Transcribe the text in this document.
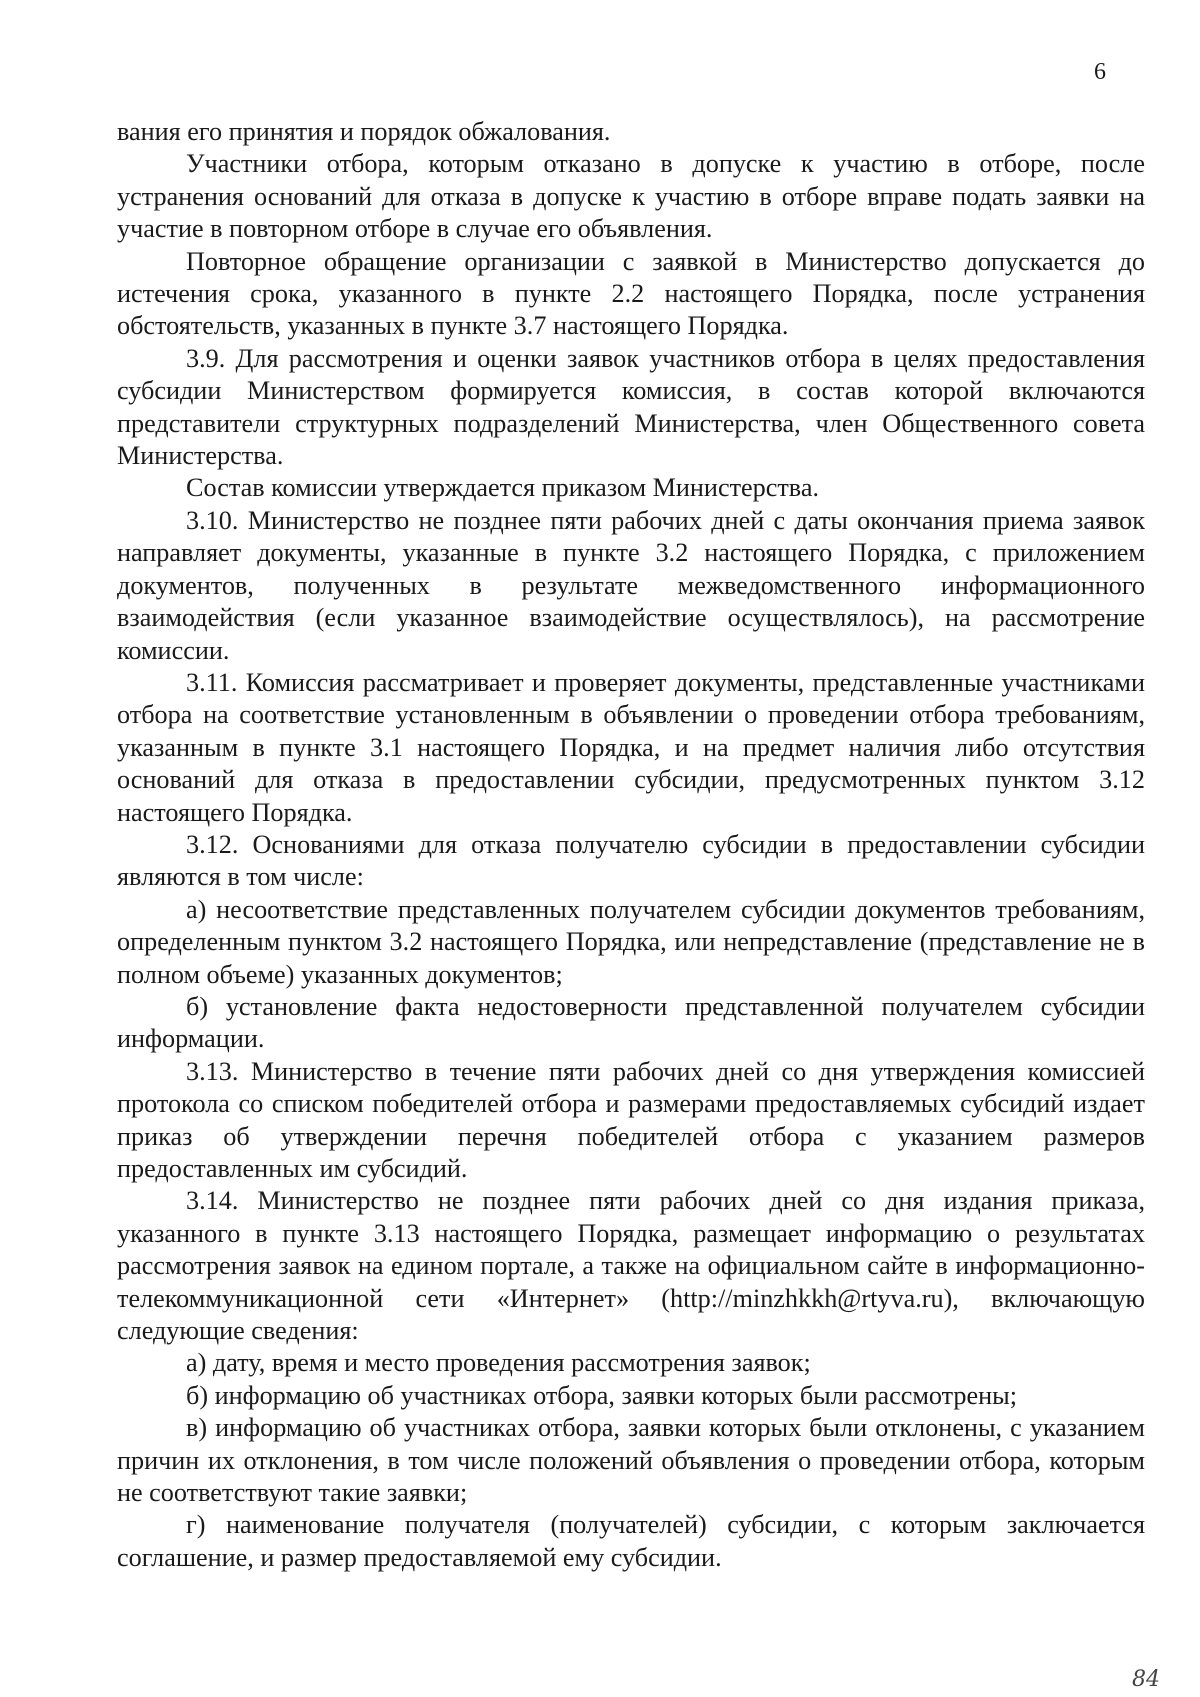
6

вания его принятия и порядок обжалования.

Участники отбора, которым отказано в допуске к участию в отборе, после устранения оснований для отказа в допуске к участию в отборе вправе подать заявки на участие в повторном отборе в случае его объявления.

Повторное обращение организации с заявкой в Министерство допускается до истечения срока, указанного в пункте 2.2 настоящего Порядка, после устранения обстоятельств, указанных в пункте 3.7 настоящего Порядка.

3.9. Для рассмотрения и оценки заявок участников отбора в целях предоставления субсидии Министерством формируется комиссия, в состав которой включаются представители структурных подразделений Министерства, член Общественного совета Министерства.

Состав комиссии утверждается приказом Министерства.

3.10. Министерство не позднее пяти рабочих дней с даты окончания приема заявок направляет документы, указанные в пункте 3.2 настоящего Порядка, с приложением документов, полученных в результате межведомственного информационного взаимодействия (если указанное взаимодействие осуществлялось), на рассмотрение комиссии.

3.11. Комиссия рассматривает и проверяет документы, представленные участниками отбора на соответствие установленным в объявлении о проведении отбора требованиям, указанным в пункте 3.1 настоящего Порядка, и на предмет наличия либо отсутствия оснований для отказа в предоставлении субсидии, предусмотренных пунктом 3.12 настоящего Порядка.

3.12. Основаниями для отказа получателю субсидии в предоставлении субсидии являются в том числе:

а) несоответствие представленных получателем субсидии документов требованиям, определенным пунктом 3.2 настоящего Порядка, или непредставление (представление не в полном объеме) указанных документов;

б) установление факта недостоверности представленной получателем субсидии информации.

3.13. Министерство в течение пяти рабочих дней со дня утверждения комиссией протокола со списком победителей отбора и размерами предоставляемых субсидий издает приказ об утверждении перечня победителей отбора с указанием размеров предоставленных им субсидий.

3.14. Министерство не позднее пяти рабочих дней со дня издания приказа, указанного в пункте 3.13 настоящего Порядка, размещает информацию о результатах рассмотрения заявок на едином портале, а также на официальном сайте в информационно-телекоммуникационной сети «Интернет» (http://minzhkkh@rtyva.ru), включающую следующие сведения:

а) дату, время и место проведения рассмотрения заявок;

б) информацию об участниках отбора, заявки которых были рассмотрены;

в) информацию об участниках отбора, заявки которых были отклонены, с указанием причин их отклонения, в том числе положений объявления о проведении отбора, которым не соответствуют такие заявки;

г) наименование получателя (получателей) субсидии, с которым заключается соглашение, и размер предоставляемой ему субсидии.

84
